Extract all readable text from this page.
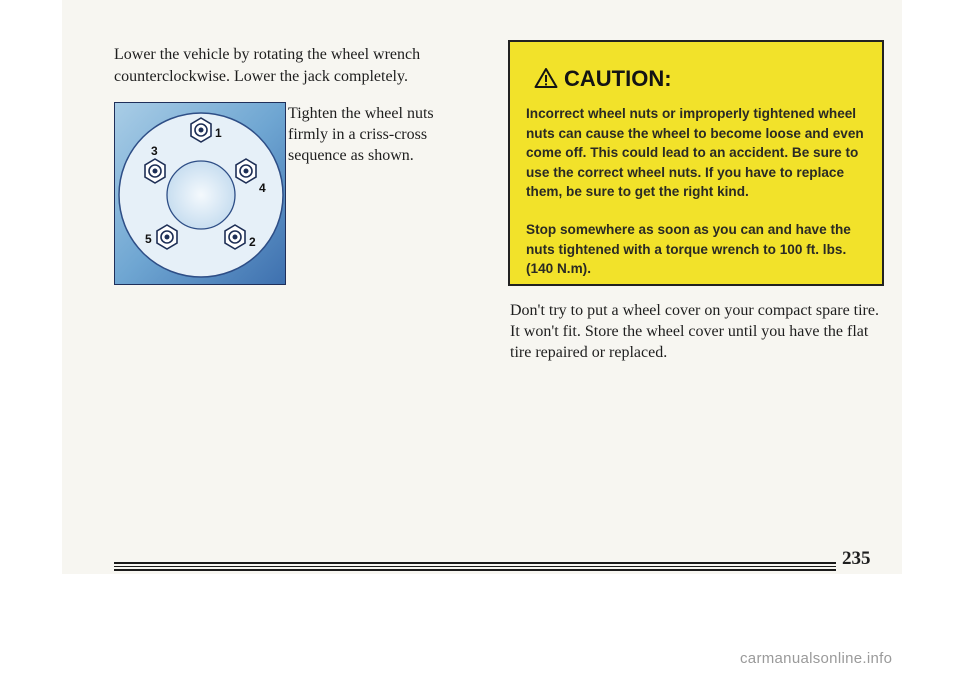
Lower the vehicle by rotating the wheel wrench counterclockwise. Lower the jack completely.

1
2
3
4
5

Tighten the wheel nuts firmly in a criss-cross sequence as shown.

CAUTION:

Incorrect wheel nuts or improperly tightened wheel nuts can cause the wheel to become loose and even come off. This could lead to an accident. Be sure to use the correct wheel nuts. If you have to replace them, be sure to get the right kind.

Stop somewhere as soon as you can and have the nuts tightened with a torque wrench to 100 ft. lbs. (140 N.m).

Don't try to put a wheel cover on your compact spare tire. It won't fit. Store the wheel cover until you have the flat tire repaired or replaced.

235
carmanualsonline.info
